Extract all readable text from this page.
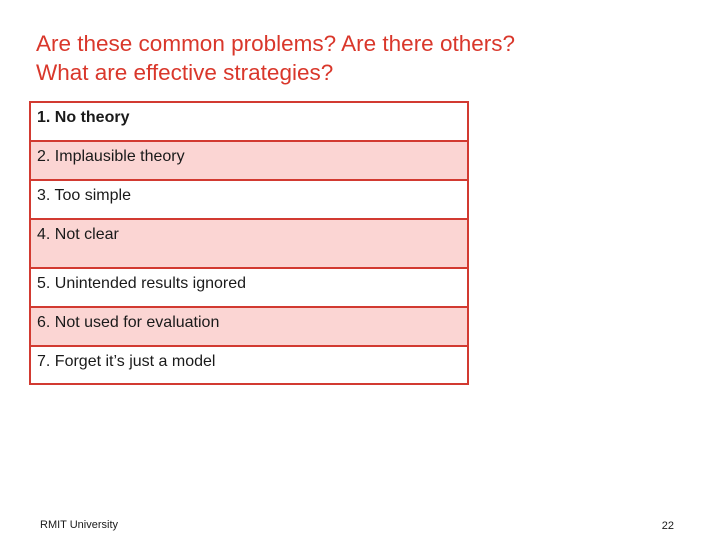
Are these common problems? Are there others?
What are effective strategies?
1. No theory
2. Implausible theory
3. Too simple
4. Not clear
5. Unintended results ignored
6. Not used for evaluation
7. Forget it’s just a model
RMIT University	22
